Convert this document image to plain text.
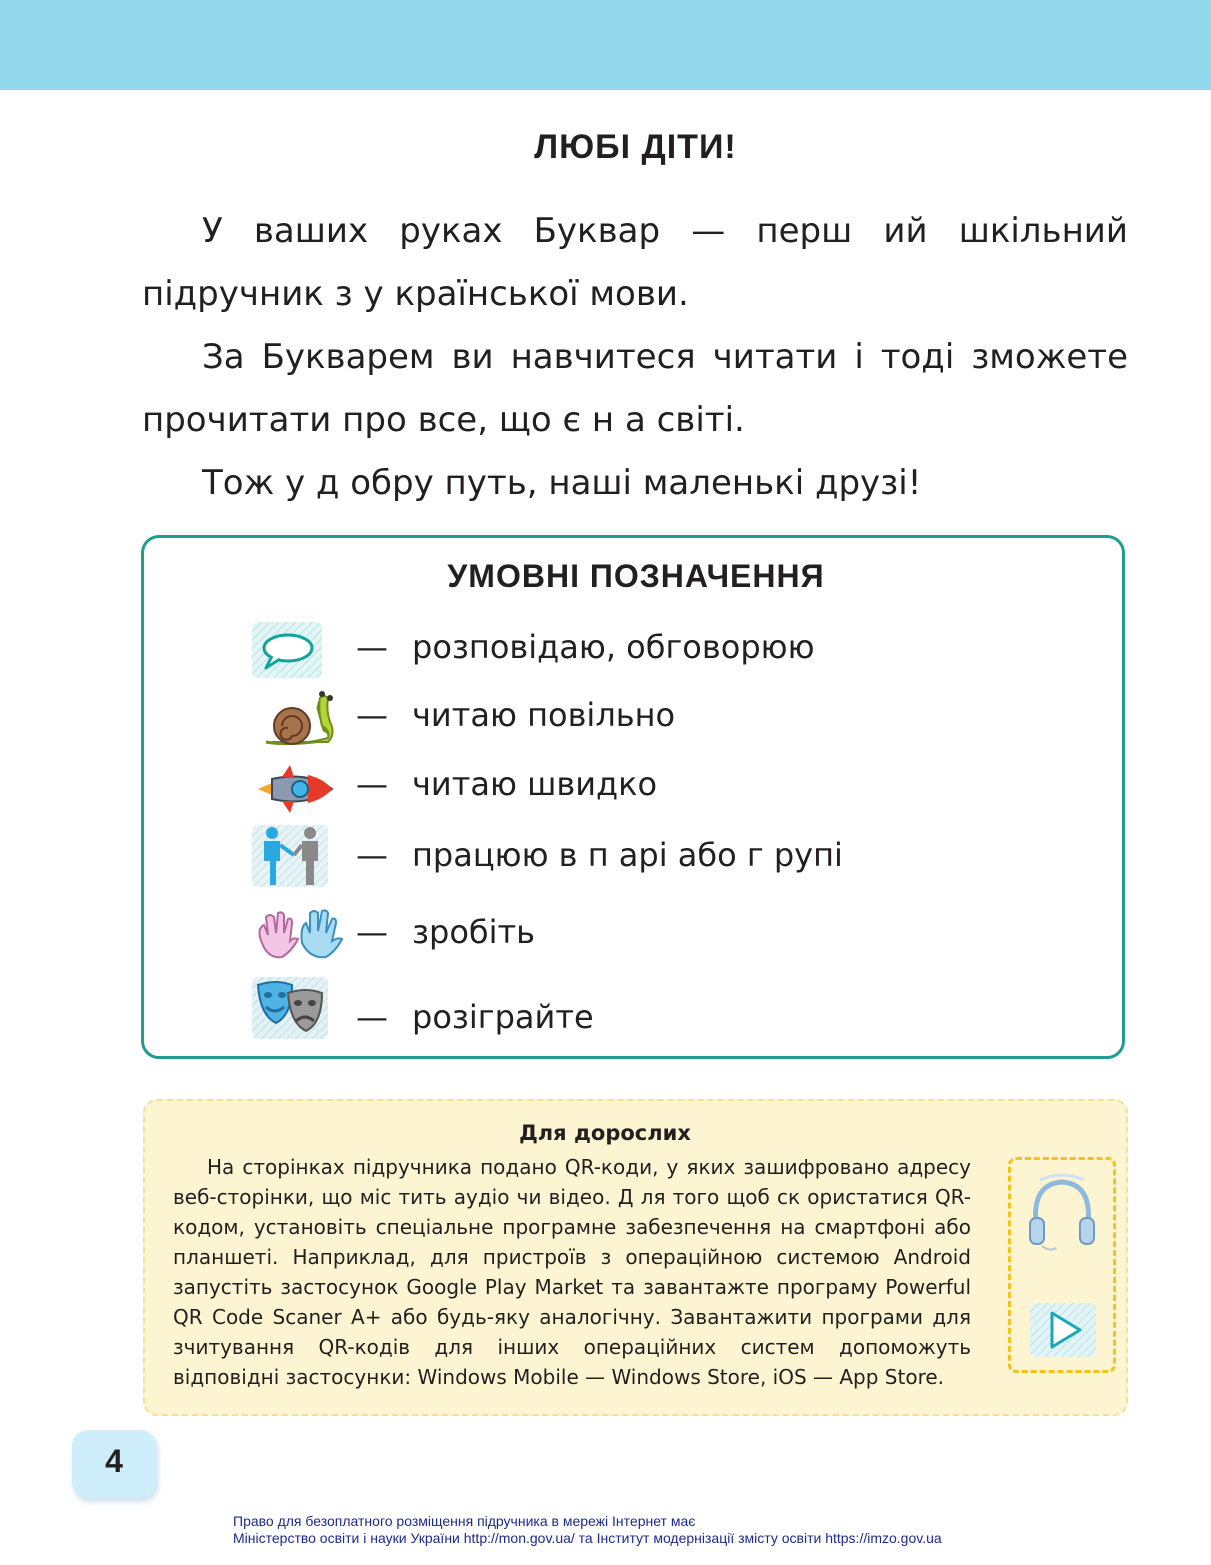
ЛЮБІ ДІТИ!

У ваших руках Буквар — перш ий шкільний підручник з у країнської мови.

За Букварем ви навчитеся читати і тоді зможете прочитати про все, що є н а світі.

Тож у д обру путь, наші маленькі друзі!

УМОВНІ ПОЗНАЧЕННЯ
— розповідаю, обговорюю
— читаю повільно
— читаю швидко
— працюю в п арі або г рупі
— зробіть
— розіграйте
Для дорослих

На сторінках підручника подано QR-коди, у яких зашифровано адресу веб-сторінки, що міс тить аудіо чи відео. Д ля того щоб ск ористатися QR-кодом, установіть спеціальне програмне забезпечення на смартфоні або планшеті. Наприклад, для пристроїв з операційною системою Android запустіть застосунок Google Play Market та завантажте програму Powerful QR Code Scaner A+ або будь-яку аналогічну. Завантажити програми для зчитування QR-кодів для інших операційних систем допоможуть відповідні застосунки: Windows Mobile — Windows Store, iOS — App Store.

4
Право для безоплатного розміщення підручника в мережі Інтернет має
Міністерство освіти і науки України http://mon.gov.ua/ та Інститут модернізації змісту освіти https://imzo.gov.ua
